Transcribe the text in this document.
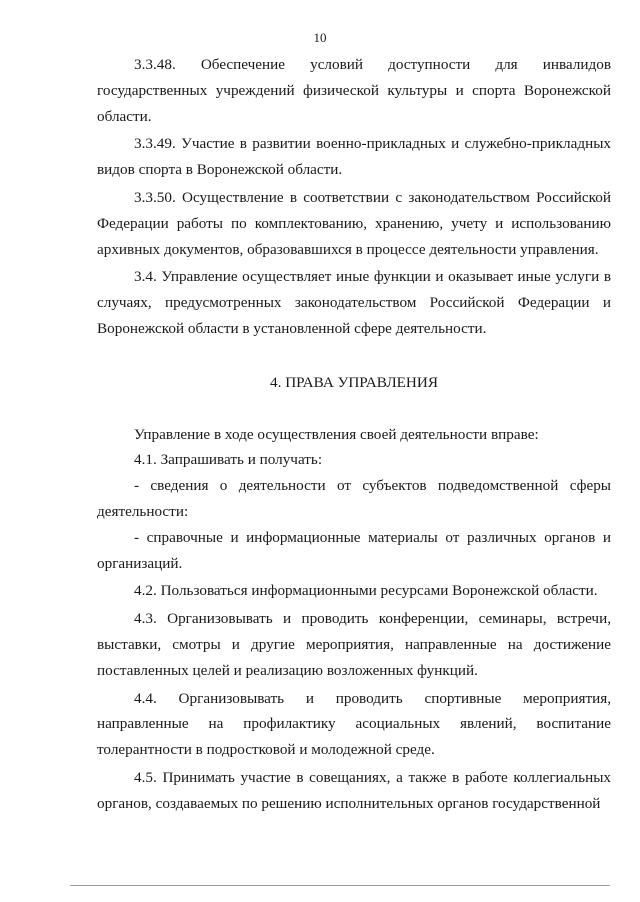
10

3.3.48. Обеспечение условий доступности для инвалидов государственных учреждений физической культуры и спорта Воронежской области.

3.3.49. Участие в развитии военно-прикладных и служебно-прикладных видов спорта в Воронежской области.

3.3.50. Осуществление в соответствии с законодательством Российской Федерации работы по комплектованию, хранению, учету и использованию архивных документов, образовавшихся в процессе деятельности управления.

3.4. Управление осуществляет иные функции и оказывает иные услуги в случаях, предусмотренных законодательством Российской Федерации и Воронежской области в установленной сфере деятельности.

4. ПРАВА УПРАВЛЕНИЯ

Управление в ходе осуществления своей деятельности вправе:

4.1. Запрашивать и получать:

- сведения о деятельности от субъектов подведомственной сферы деятельности:

- справочные и информационные материалы от различных органов и организаций.

4.2. Пользоваться информационными ресурсами Воронежской области.

4.3. Организовывать и проводить конференции, семинары, встречи, выставки, смотры и другие мероприятия, направленные на достижение поставленных целей и реализацию возложенных функций.

4.4. Организовывать и проводить спортивные мероприятия, направленные на профилактику асоциальных явлений, воспитание толерантности в подростковой и молодежной среде.

4.5. Принимать участие в совещаниях, а также в работе коллегиальных органов, создаваемых по решению исполнительных органов государственной
